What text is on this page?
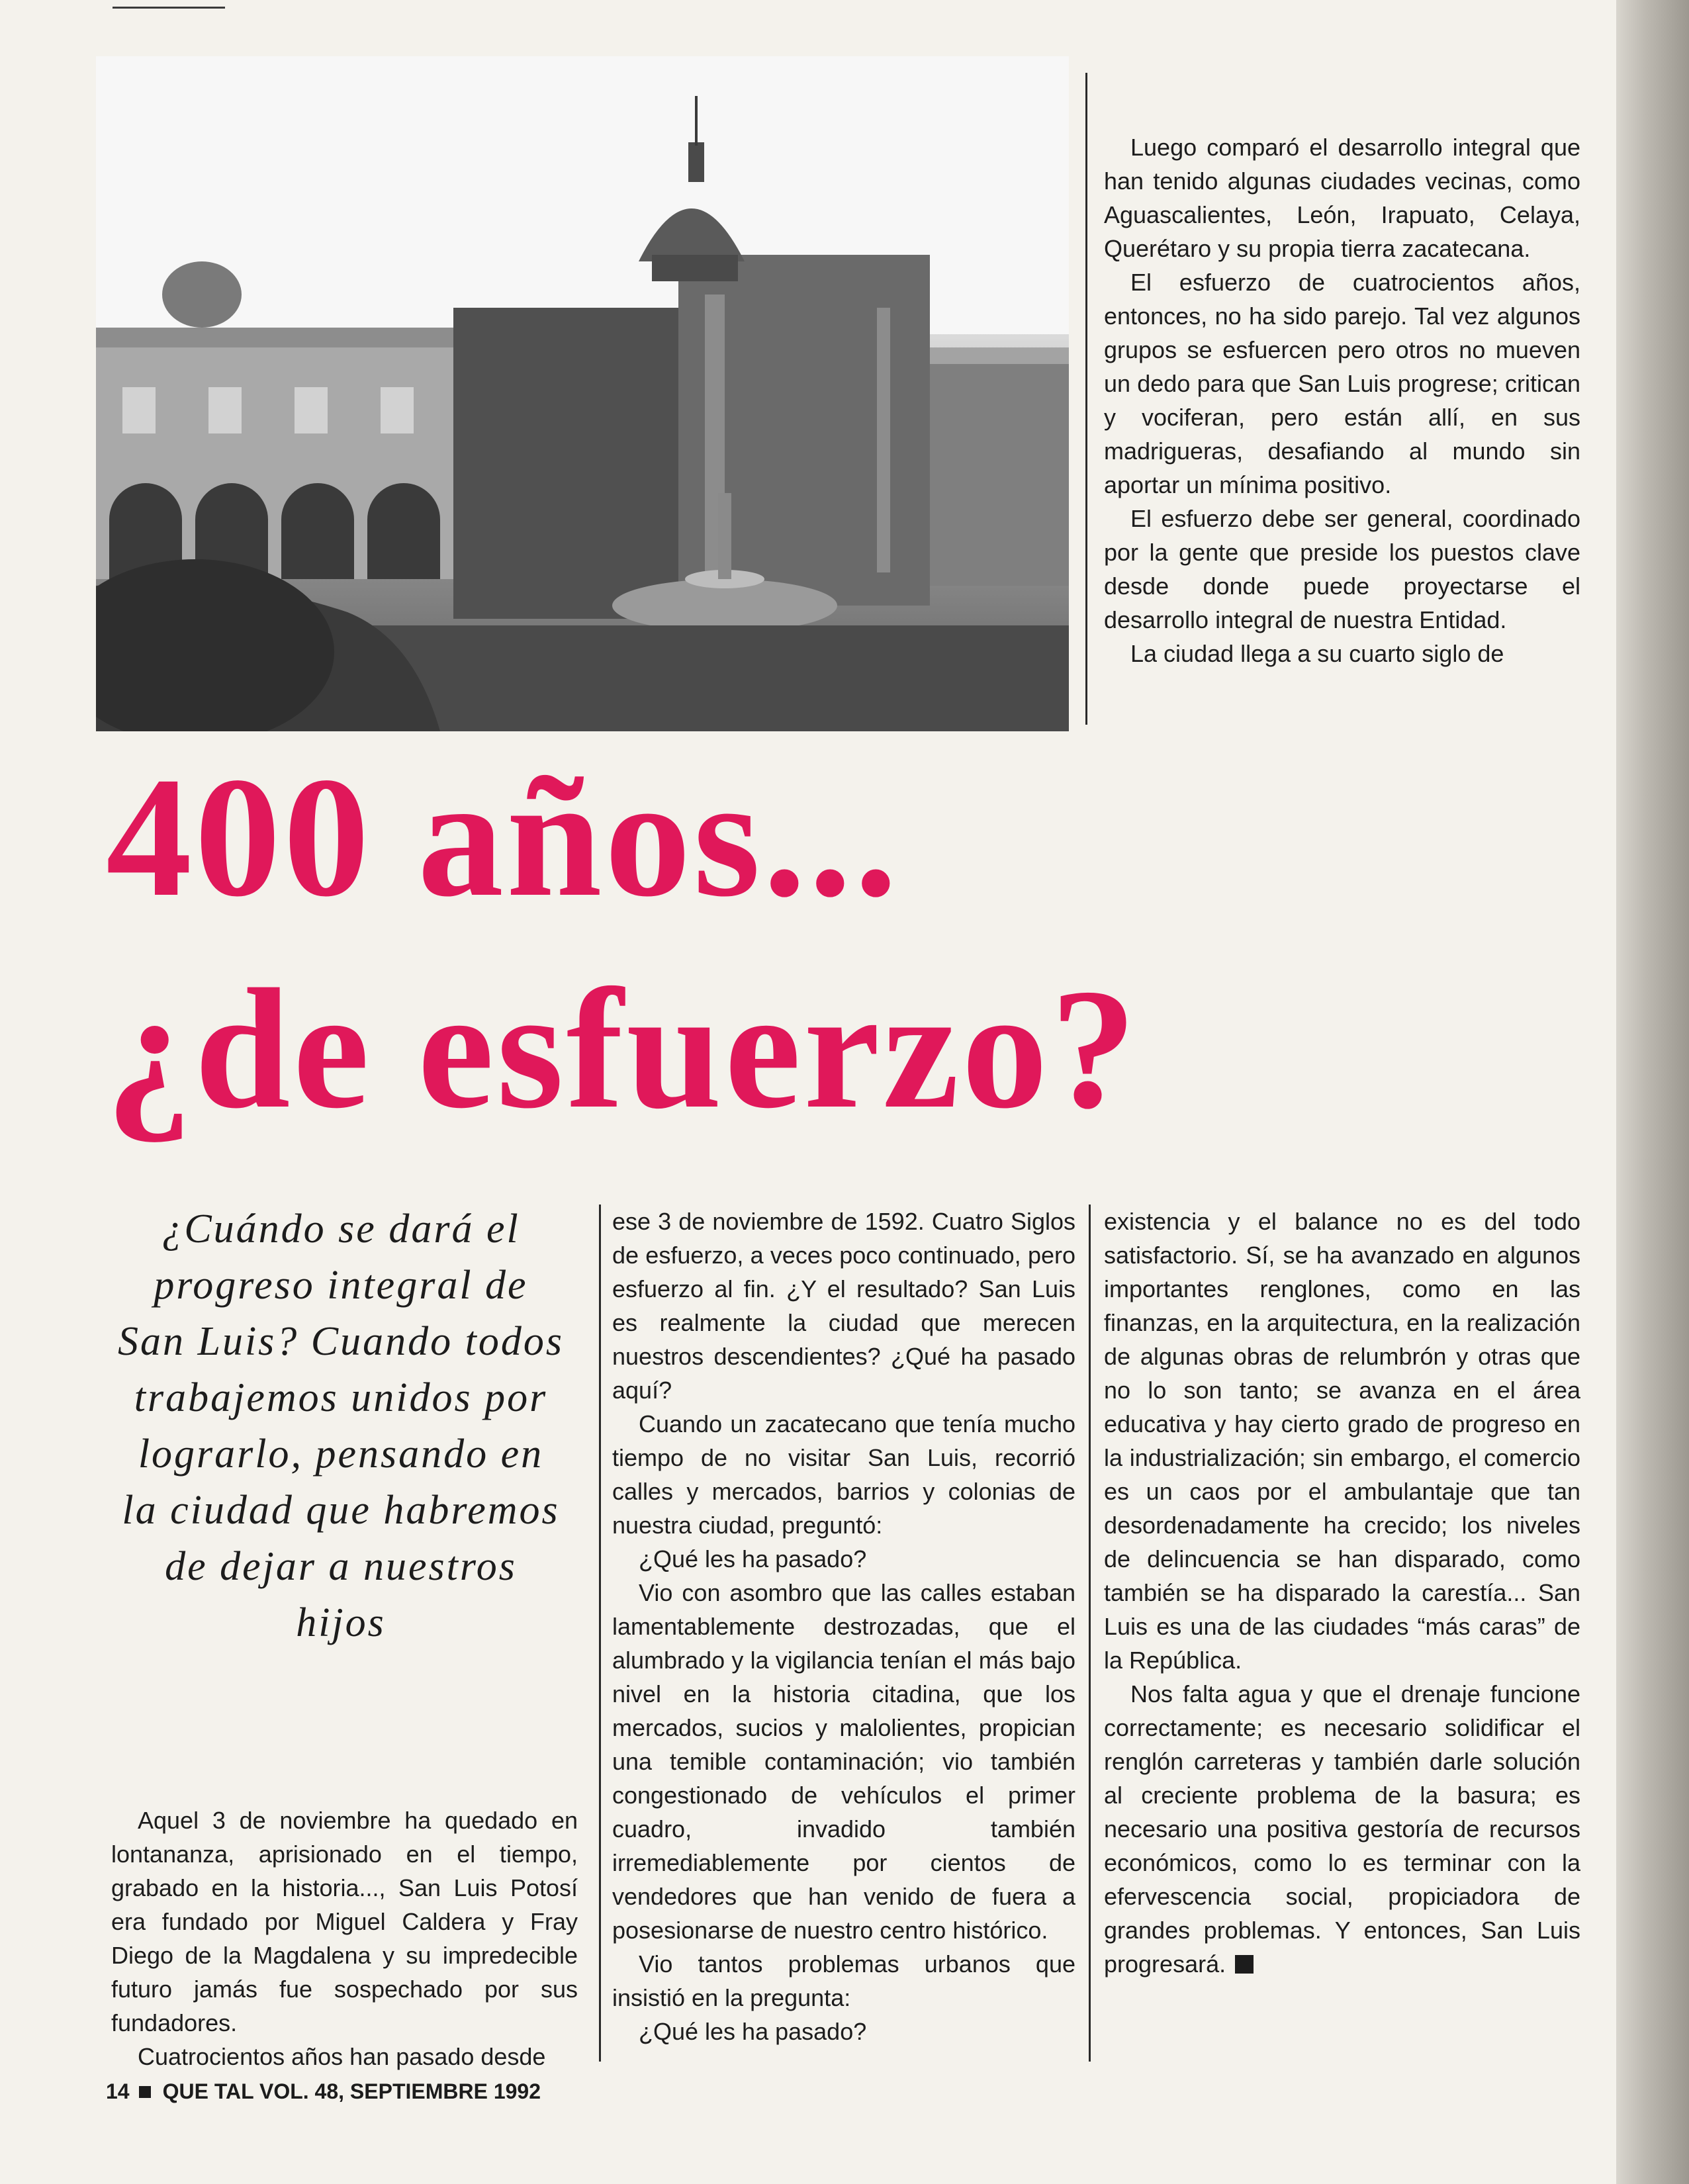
Luego comparó el desarrollo integral que han tenido algunas ciudades vecinas, como Aguascalientes, León, Irapuato, Celaya, Querétaro y su propia tierra zacatecana.

El esfuerzo de cuatrocientos años, entonces, no ha sido parejo. Tal vez algunos grupos se esfuercen pero otros no mueven un dedo para que San Luis progrese; critican y vociferan, pero están allí, en sus madrigueras, desafiando al mundo sin aportar un mínima positivo.

El esfuerzo debe ser general, coordinado por la gente que preside los puestos clave desde donde puede proyectarse el desarrollo integral de nuestra Entidad.

La ciudad llega a su cuarto siglo de

400 años...
¿de esfuerzo?
¿Cuándo se dará el progreso integral de San Luis? Cuando todos trabajemos unidos por lograrlo, pensando en la ciudad que habremos de dejar a nuestros hijos

Aquel 3 de noviembre ha quedado en lontananza, aprisionado en el tiempo, grabado en la historia..., San Luis Potosí era fundado por Miguel Caldera y Fray Diego de la Magdalena y su impredecible futuro jamás fue sospechado por sus fundadores.

Cuatrocientos años han pasado desde

ese 3 de noviembre de 1592. Cuatro Siglos de esfuerzo, a veces poco continuado, pero esfuerzo al fin. ¿Y el resultado? San Luis es realmente la ciudad que merecen nuestros descendientes? ¿Qué ha pasado aquí?

Cuando un zacatecano que tenía mucho tiempo de no visitar San Luis, recorrió calles y mercados, barrios y colonias de nuestra ciudad, preguntó:

¿Qué les ha pasado?

Vio con asombro que las calles estaban lamentablemente destrozadas, que el alumbrado y la vigilancia tenían el más bajo nivel en la historia citadina, que los mercados, sucios y malolientes, propician una temible contaminación; vio también congestionado de vehículos el primer cuadro, invadido también irremediablemente por cientos de vendedores que han venido de fuera a posesionarse de nuestro centro histórico.

Vio tantos problemas urbanos que insistió en la pregunta:

¿Qué les ha pasado?

existencia y el balance no es del todo satisfactorio. Sí, se ha avanzado en algunos importantes renglones, como en las finanzas, en la arquitectura, en la realización de algunas obras de relumbrón y otras que no lo son tanto; se avanza en el área educativa y hay cierto grado de progreso en la industrialización; sin embargo, el comercio es un caos por el ambulantaje que tan desordenadamente ha crecido; los niveles de delincuencia se han disparado, como también se ha disparado la carestía... San Luis es una de las ciudades “más caras” de la República.

Nos falta agua y que el drenaje funcione correctamente; es necesario solidificar el renglón carreteras y también darle solución al creciente problema de la basura; es necesario una positiva gestoría de recursos económicos, como lo es terminar con la efervescencia social, propiciadora de grandes problemas. Y entonces, San Luis progresará.

14 QUE TAL VOL. 48, SEPTIEMBRE 1992
